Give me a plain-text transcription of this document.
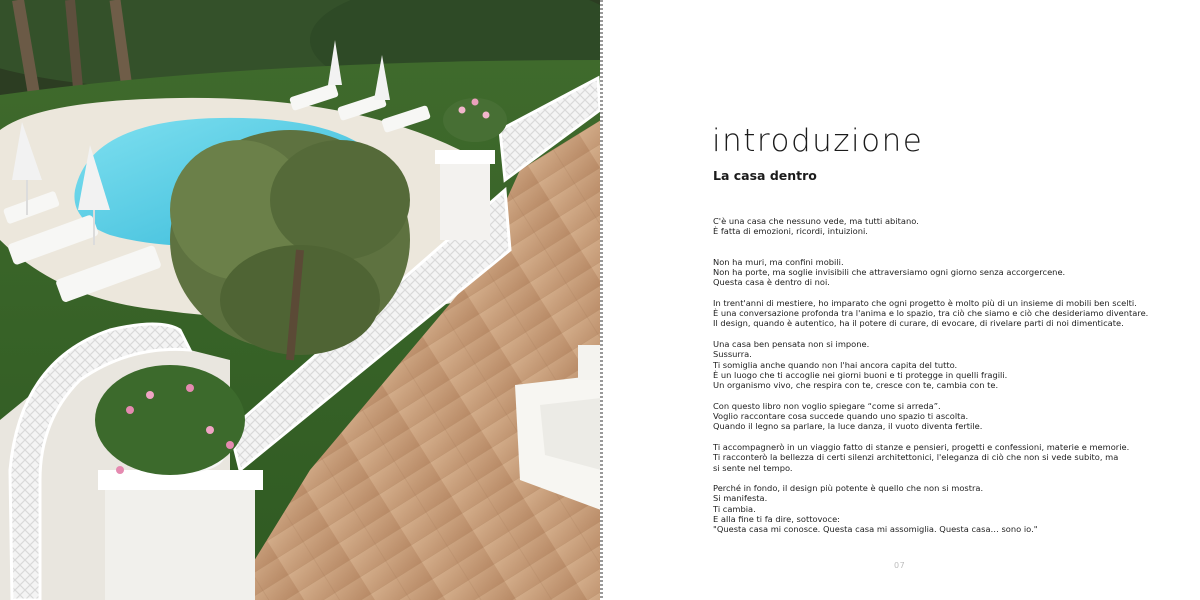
introduzione
La casa dentro

C'è una casa che nessuno vede, ma tutti abitano.
È fatta di emozioni, ricordi, intuizioni.

Non ha muri, ma confini mobili.
Non ha porte, ma soglie invisibili che attraversiamo ogni giorno senza accorgercene.
Questa casa è dentro di noi.

In trent'anni di mestiere, ho imparato che ogni progetto è molto più di un insieme di mobili ben scelti.
È una conversazione profonda tra l'anima e lo spazio, tra ciò che siamo e ciò che desideriamo diventare.
Il design, quando è autentico, ha il potere di curare, di evocare, di rivelare parti di noi dimenticate.

Una casa ben pensata non si impone.
Sussurra.
Ti somiglia anche quando non l'hai ancora capita del tutto.
È un luogo che ti accoglie nei giorni buoni e ti protegge in quelli fragili.
Un organismo vivo, che respira con te, cresce con te, cambia con te.

Con questo libro non voglio spiegare “come si arreda”.
Voglio raccontare cosa succede quando uno spazio ti ascolta.
Quando il legno sa parlare, la luce danza, il vuoto diventa fertile.

Ti accompagnerò in un viaggio fatto di stanze e pensieri, progetti e confessioni, materie e memorie.
Ti racconterò la bellezza di certi silenzi architettonici, l'eleganza di ciò che non si vede subito, ma si sente nel tempo.

Perché in fondo, il design più potente è quello che non si mostra.
Si manifesta.
Ti cambia.
E alla fine ti fa dire, sottovoce:
"Questa casa mi conosce. Questa casa mi assomiglia. Questa casa… sono io."

07
